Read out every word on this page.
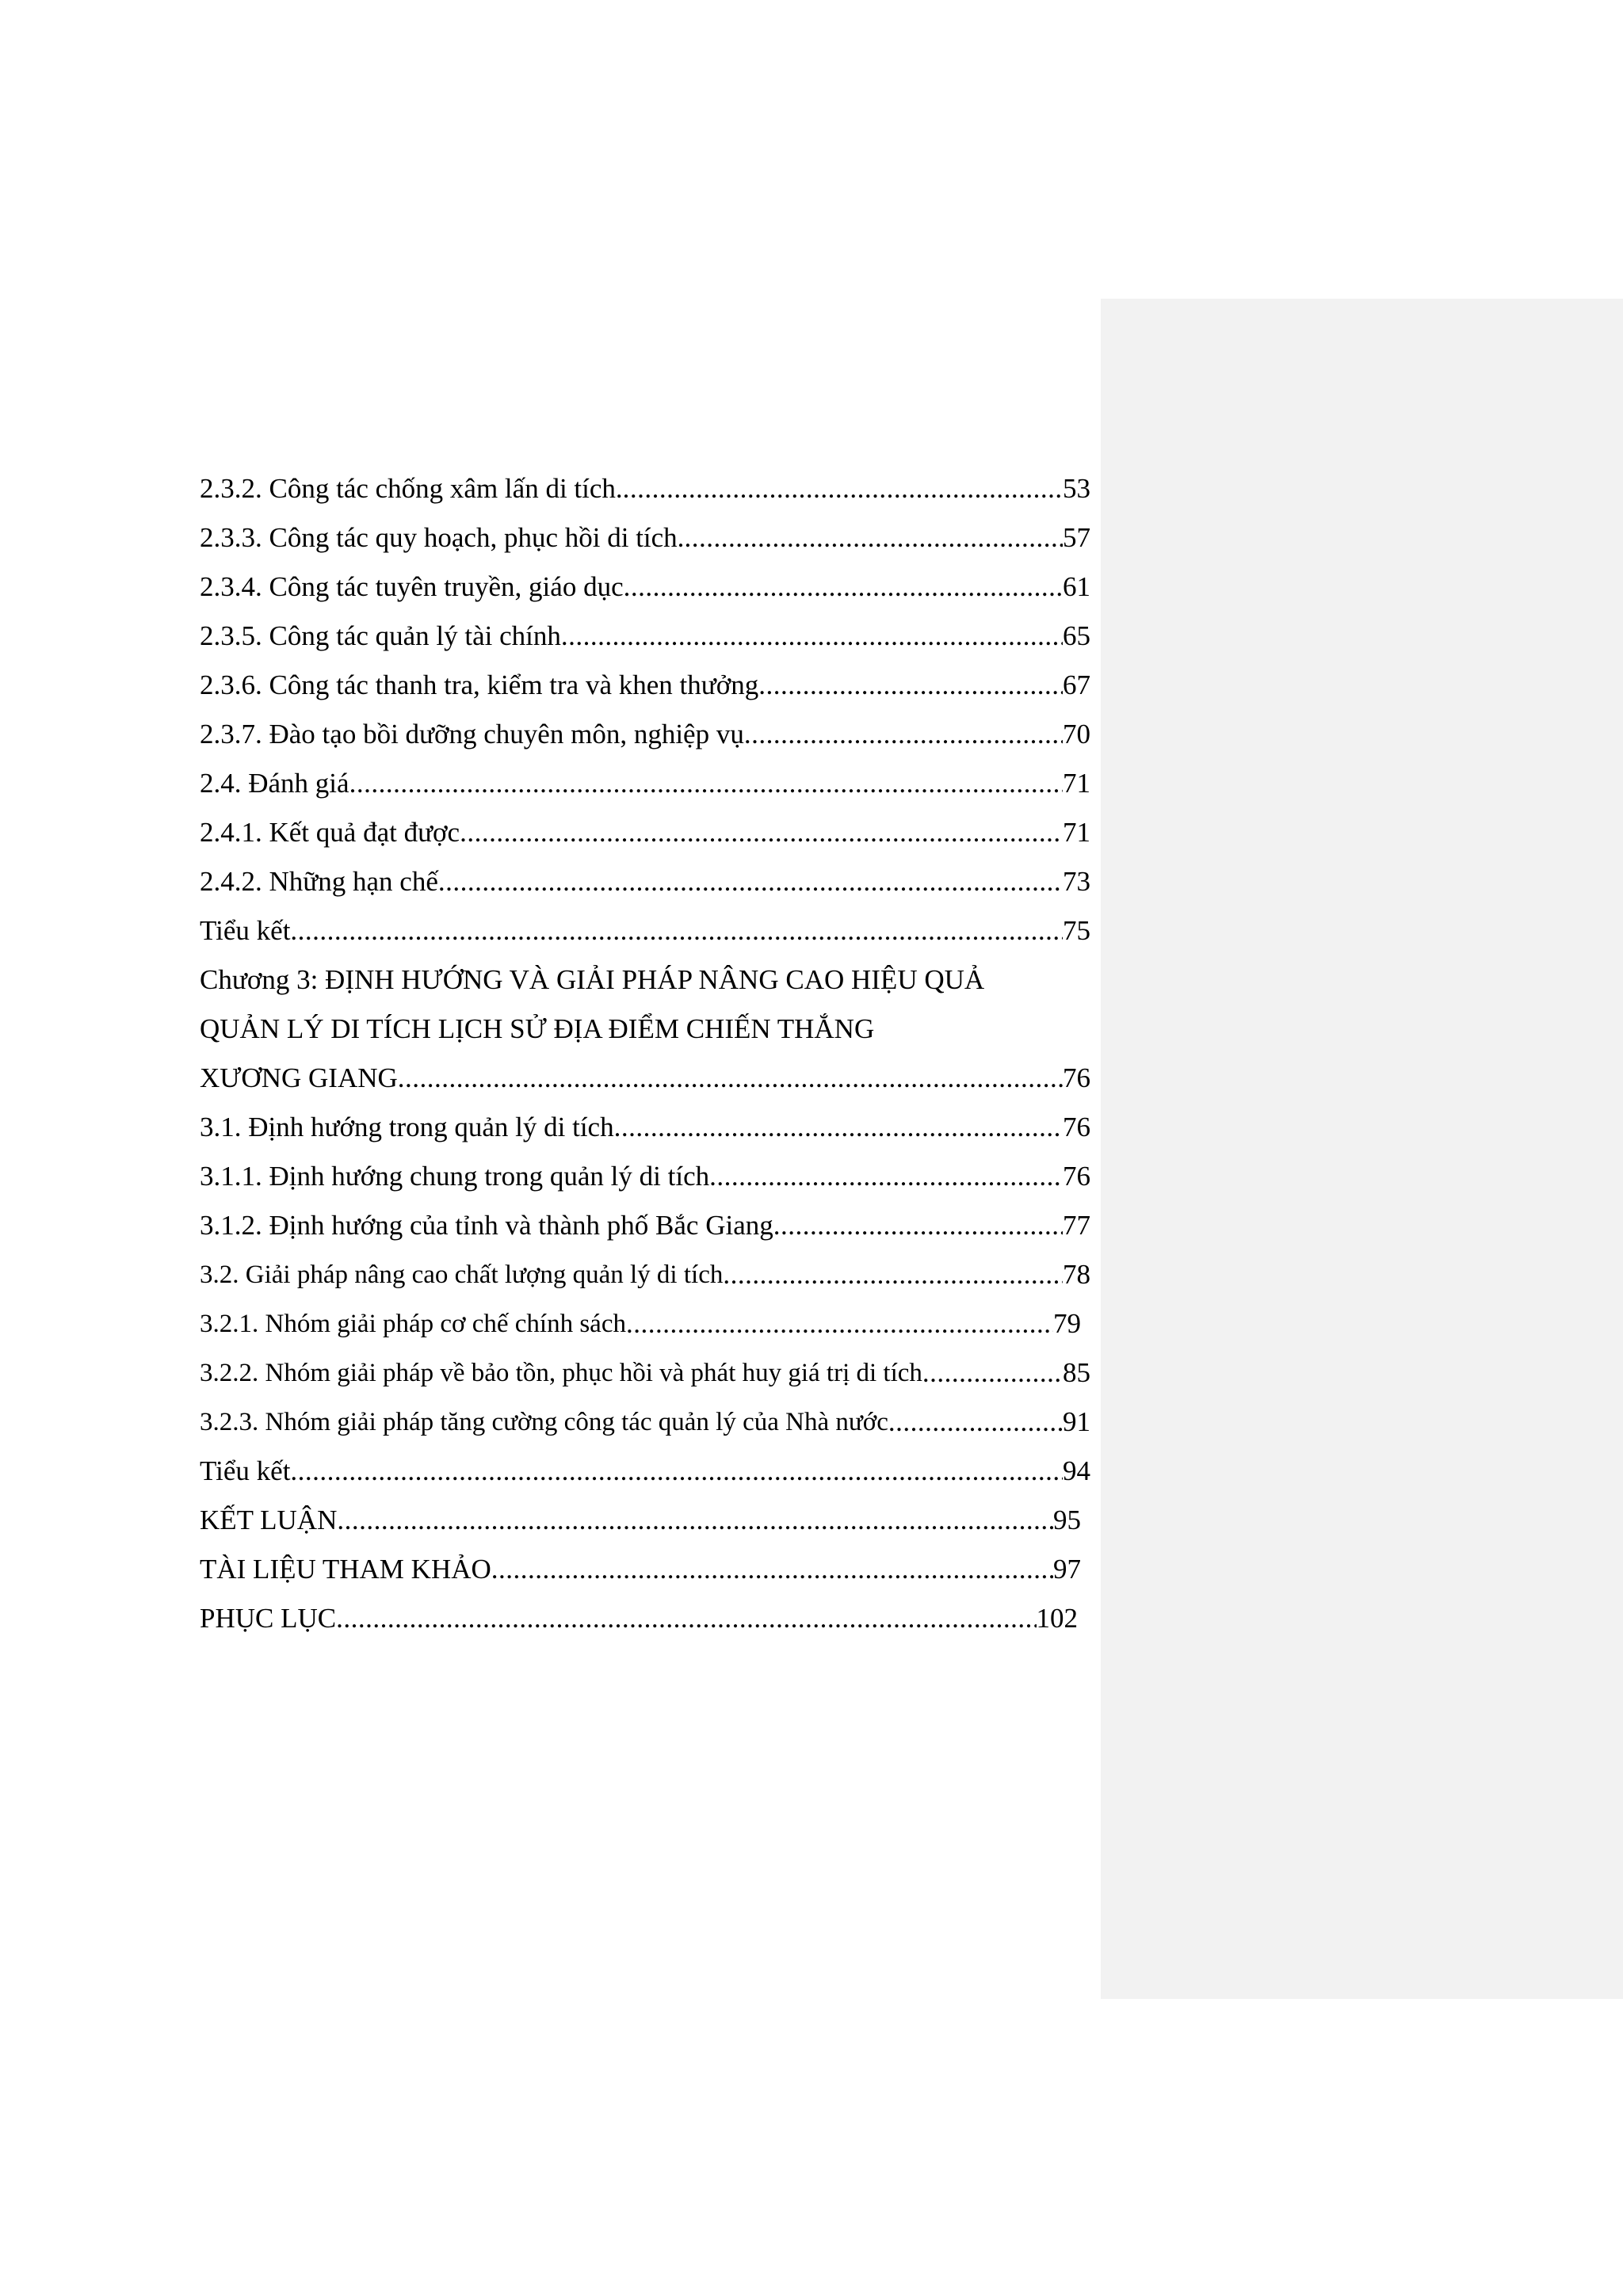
2.3.2. Công tác chống xâm lấn di tích. .....	53
2.3.3. Công tác quy hoạch, phục hồi di tích. .....	57
2.3.4. Công tác tuyên truyền, giáo dục .....	61
2.3.5. Công tác quản lý tài chính .....	65
2.3.6. Công tác thanh tra, kiểm tra và khen thưởng .....	67
2.3.7. Đào tạo bồi dưỡng chuyên môn, nghiệp vụ .....	70
2.4. Đánh giá .....	71
2.4.1. Kết quả đạt được .....	71
2.4.2. Những hạn chế .....	73
Tiểu kết .....	75
Chương 3: ĐỊNH HƯỚNG VÀ GIẢI PHÁP NÂNG CAO HIỆU QUẢ
QUẢN LÝ DI TÍCH LỊCH SỬ ĐỊA ĐIỂM CHIẾN THẮNG
XƯƠNG GIANG .....	76
3.1. Định hướng trong quản lý di tích .....	76
3.1.1. Định hướng chung trong quản lý di tích .....	76
3.1.2. Định hướng của tỉnh và thành phố Bắc Giang .....	77
3.2. Giải pháp nâng cao chất lượng quản lý di tích .....	78
3.2.1. Nhóm giải pháp cơ chế chính sách .....	79
3.2.2. Nhóm giải pháp về bảo tồn, phục hồi và phát huy giá trị di tích .....	85
3.2.3. Nhóm giải pháp tăng cường công tác quản lý của Nhà nước .....	91
Tiểu kết .....	94
KẾT LUẬN .....	95
TÀI LIỆU THAM KHẢO .....	97
PHỤC LỤC .....	102
